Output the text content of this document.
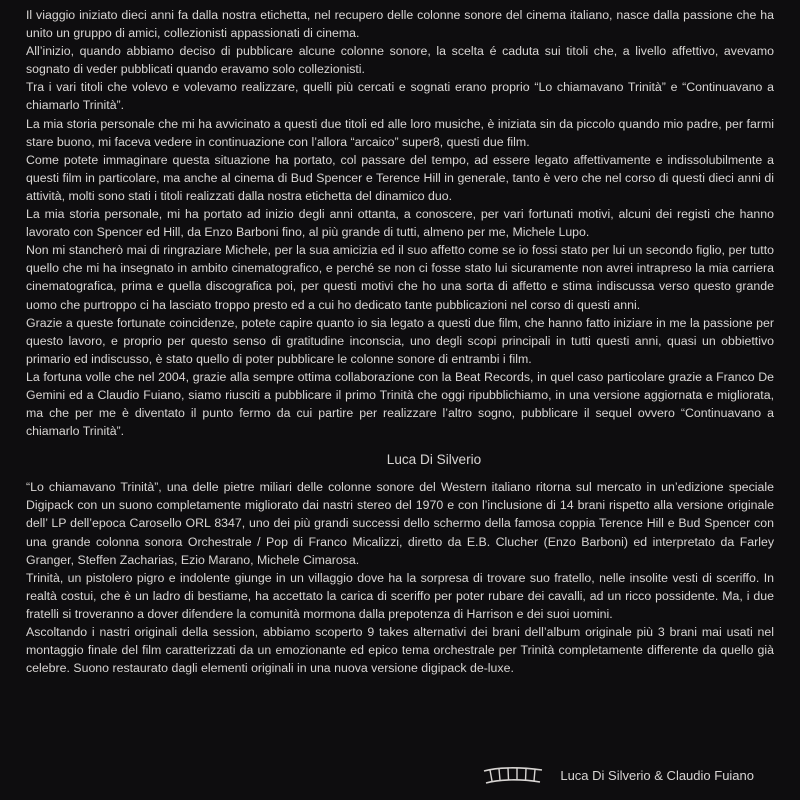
Il viaggio iniziato dieci anni fa dalla nostra etichetta, nel recupero delle colonne sonore del cinema italiano, nasce dalla passione che ha unito un gruppo di amici, collezionisti appassionati di cinema.

All’inizio, quando abbiamo deciso di pubblicare alcune colonne sonore, la scelta é caduta sui titoli che, a livello affettivo, avevamo sognato di veder pubblicati quando eravamo solo collezionisti.

Tra i vari titoli che volevo e volevamo realizzare, quelli più cercati e sognati erano proprio “Lo chiamavano Trinità” e “Continuavano a chiamarlo Trinità”.

La mia storia personale che mi ha avvicinato a questi due titoli ed alle loro musiche, è iniziata sin da piccolo quando mio padre, per farmi stare buono, mi faceva vedere in continuazione con l’allora “arcaico” super8, questi due film.

Come potete immaginare questa situazione ha portato, col passare del tempo, ad essere legato affettivamente e indissolubilmente a questi film in particolare, ma anche al cinema di Bud Spencer e Terence Hill in generale, tanto è vero che nel corso di questi dieci anni di attività, molti sono stati i titoli realizzati dalla nostra etichetta del dinamico duo.

La mia storia personale, mi ha portato ad inizio degli anni ottanta, a conoscere, per vari fortunati motivi, alcuni dei registi che hanno lavorato con Spencer ed Hill, da Enzo Barboni fino, al più grande di tutti, almeno per me, Michele Lupo.

Non mi stancherò mai di ringraziare Michele, per la sua amicizia ed il suo affetto come se io fossi stato per lui un secondo figlio, per tutto quello che mi ha insegnato in ambito cinematografico, e perché se non ci fosse stato lui sicuramente non avrei intrapreso la mia carriera cinematografica, prima e quella discografica poi, per questi motivi che ho una sorta di affetto e stima indiscussa verso questo grande uomo che purtroppo ci ha lasciato troppo presto ed a cui ho dedicato tante pubblicazioni nel corso di questi anni.

Grazie a queste fortunate coincidenze, potete capire quanto io sia legato a questi due film, che hanno fatto iniziare in me la passione per questo lavoro, e proprio per questo senso di gratitudine inconscia, uno degli scopi principali in tutti questi anni, quasi un obbiettivo primario ed indiscusso, è stato quello di poter pubblicare le colonne sonore di entrambi i film.

La fortuna volle che nel 2004, grazie alla sempre ottima collaborazione con la Beat Records, in quel caso particolare grazie a Franco De Gemini ed a Claudio Fuiano, siamo riusciti a pubblicare il primo Trinità che oggi ripubblichiamo, in una versione aggiornata e migliorata, ma che per me è diventato il punto fermo da cui partire per realizzare l’altro sogno, pubblicare il sequel ovvero “Continuavano a chiamarlo Trinità”.

Luca Di Silverio

“Lo chiamavano Trinità”, una delle pietre miliari delle colonne sonore del Western italiano ritorna sul mercato in un’edizione speciale Digipack con un suono completamente migliorato dai nastri stereo del 1970 e con l’inclusione di 14 brani rispetto alla versione originale dell’ LP dell’epoca Carosello ORL 8347, uno dei più grandi successi dello schermo della famosa coppia Terence Hill e Bud Spencer con una grande colonna sonora Orchestrale / Pop di Franco Micalizzi, diretto da E.B. Clucher (Enzo Barboni) ed interpretato da Farley Granger, Steffen Zacharias, Ezio Marano, Michele Cimarosa.

Trinità, un pistolero pigro e indolente giunge in un villaggio dove ha la sorpresa di trovare suo fratello, nelle insolite vesti di sceriffo. In realtà costui, che è un ladro di bestiame, ha accettato la carica di sceriffo per poter rubare dei cavalli, ad un ricco possidente. Ma, i due fratelli si troveranno a dover difendere la comunità mormona dalla prepotenza di Harrison e dei suoi uomini.

Ascoltando i nastri originali della session, abbiamo scoperto 9 takes alternativi dei brani dell’album originale più 3 brani mai usati nel montaggio finale del film caratterizzati da un emozionante ed epico tema orchestrale per Trinità completamente differente da quello già celebre. Suono restaurato dagli elementi originali in una nuova versione digipack de-luxe.

Luca Di Silverio & Claudio Fuiano
